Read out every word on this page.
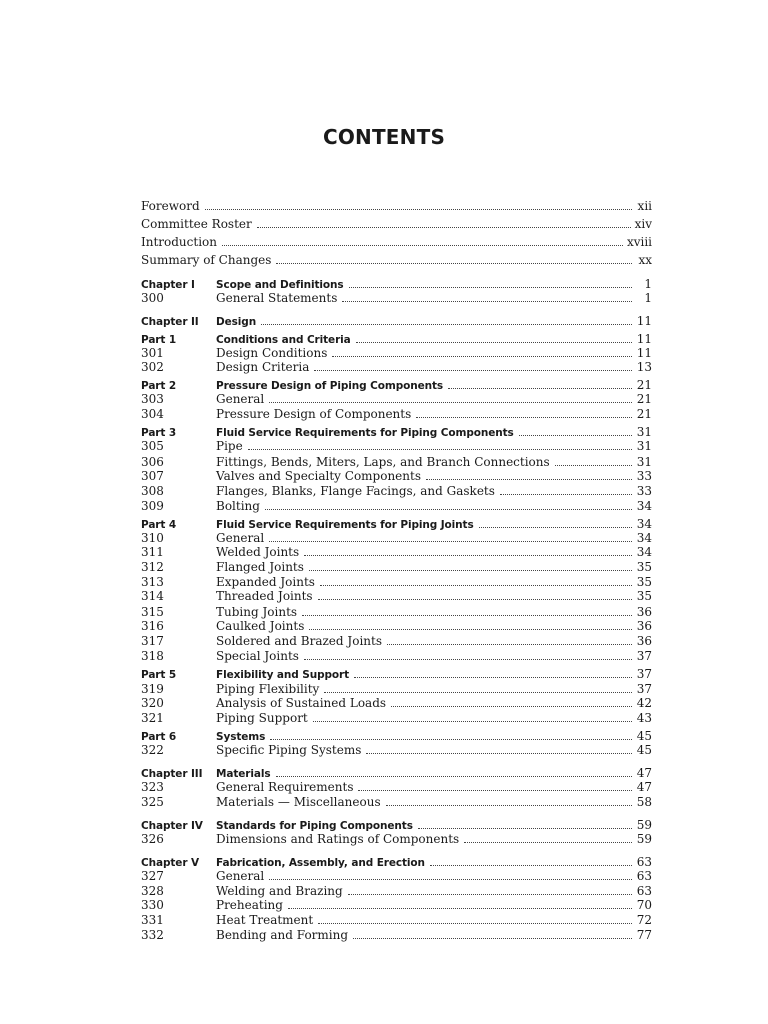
CONTENTS
Foreword	xii
Committee Roster	xiv
Introduction	xviii
Summary of Changes	xx
Chapter I	Scope and Definitions	1
300	General Statements	1
Chapter II	Design	11
Part 1	Conditions and Criteria	11
301	Design Conditions	11
302	Design Criteria	13
Part 2	Pressure Design of Piping Components	21
303	General	21
304	Pressure Design of Components	21
Part 3	Fluid Service Requirements for Piping Components	31
305	Pipe	31
306	Fittings, Bends, Miters, Laps, and Branch Connections	31
307	Valves and Specialty Components	33
308	Flanges, Blanks, Flange Facings, and Gaskets	33
309	Bolting	34
Part 4	Fluid Service Requirements for Piping Joints	34
310	General	34
311	Welded Joints	34
312	Flanged Joints	35
313	Expanded Joints	35
314	Threaded Joints	35
315	Tubing Joints	36
316	Caulked Joints	36
317	Soldered and Brazed Joints	36
318	Special Joints	37
Part 5	Flexibility and Support	37
319	Piping Flexibility	37
320	Analysis of Sustained Loads	42
321	Piping Support	43
Part 6	Systems	45
322	Specific Piping Systems	45
Chapter III	Materials	47
323	General Requirements	47
325	Materials — Miscellaneous	58
Chapter IV	Standards for Piping Components	59
326	Dimensions and Ratings of Components	59
Chapter V	Fabrication, Assembly, and Erection	63
327	General	63
328	Welding and Brazing	63
330	Preheating	70
331	Heat Treatment	72
332	Bending and Forming	77
